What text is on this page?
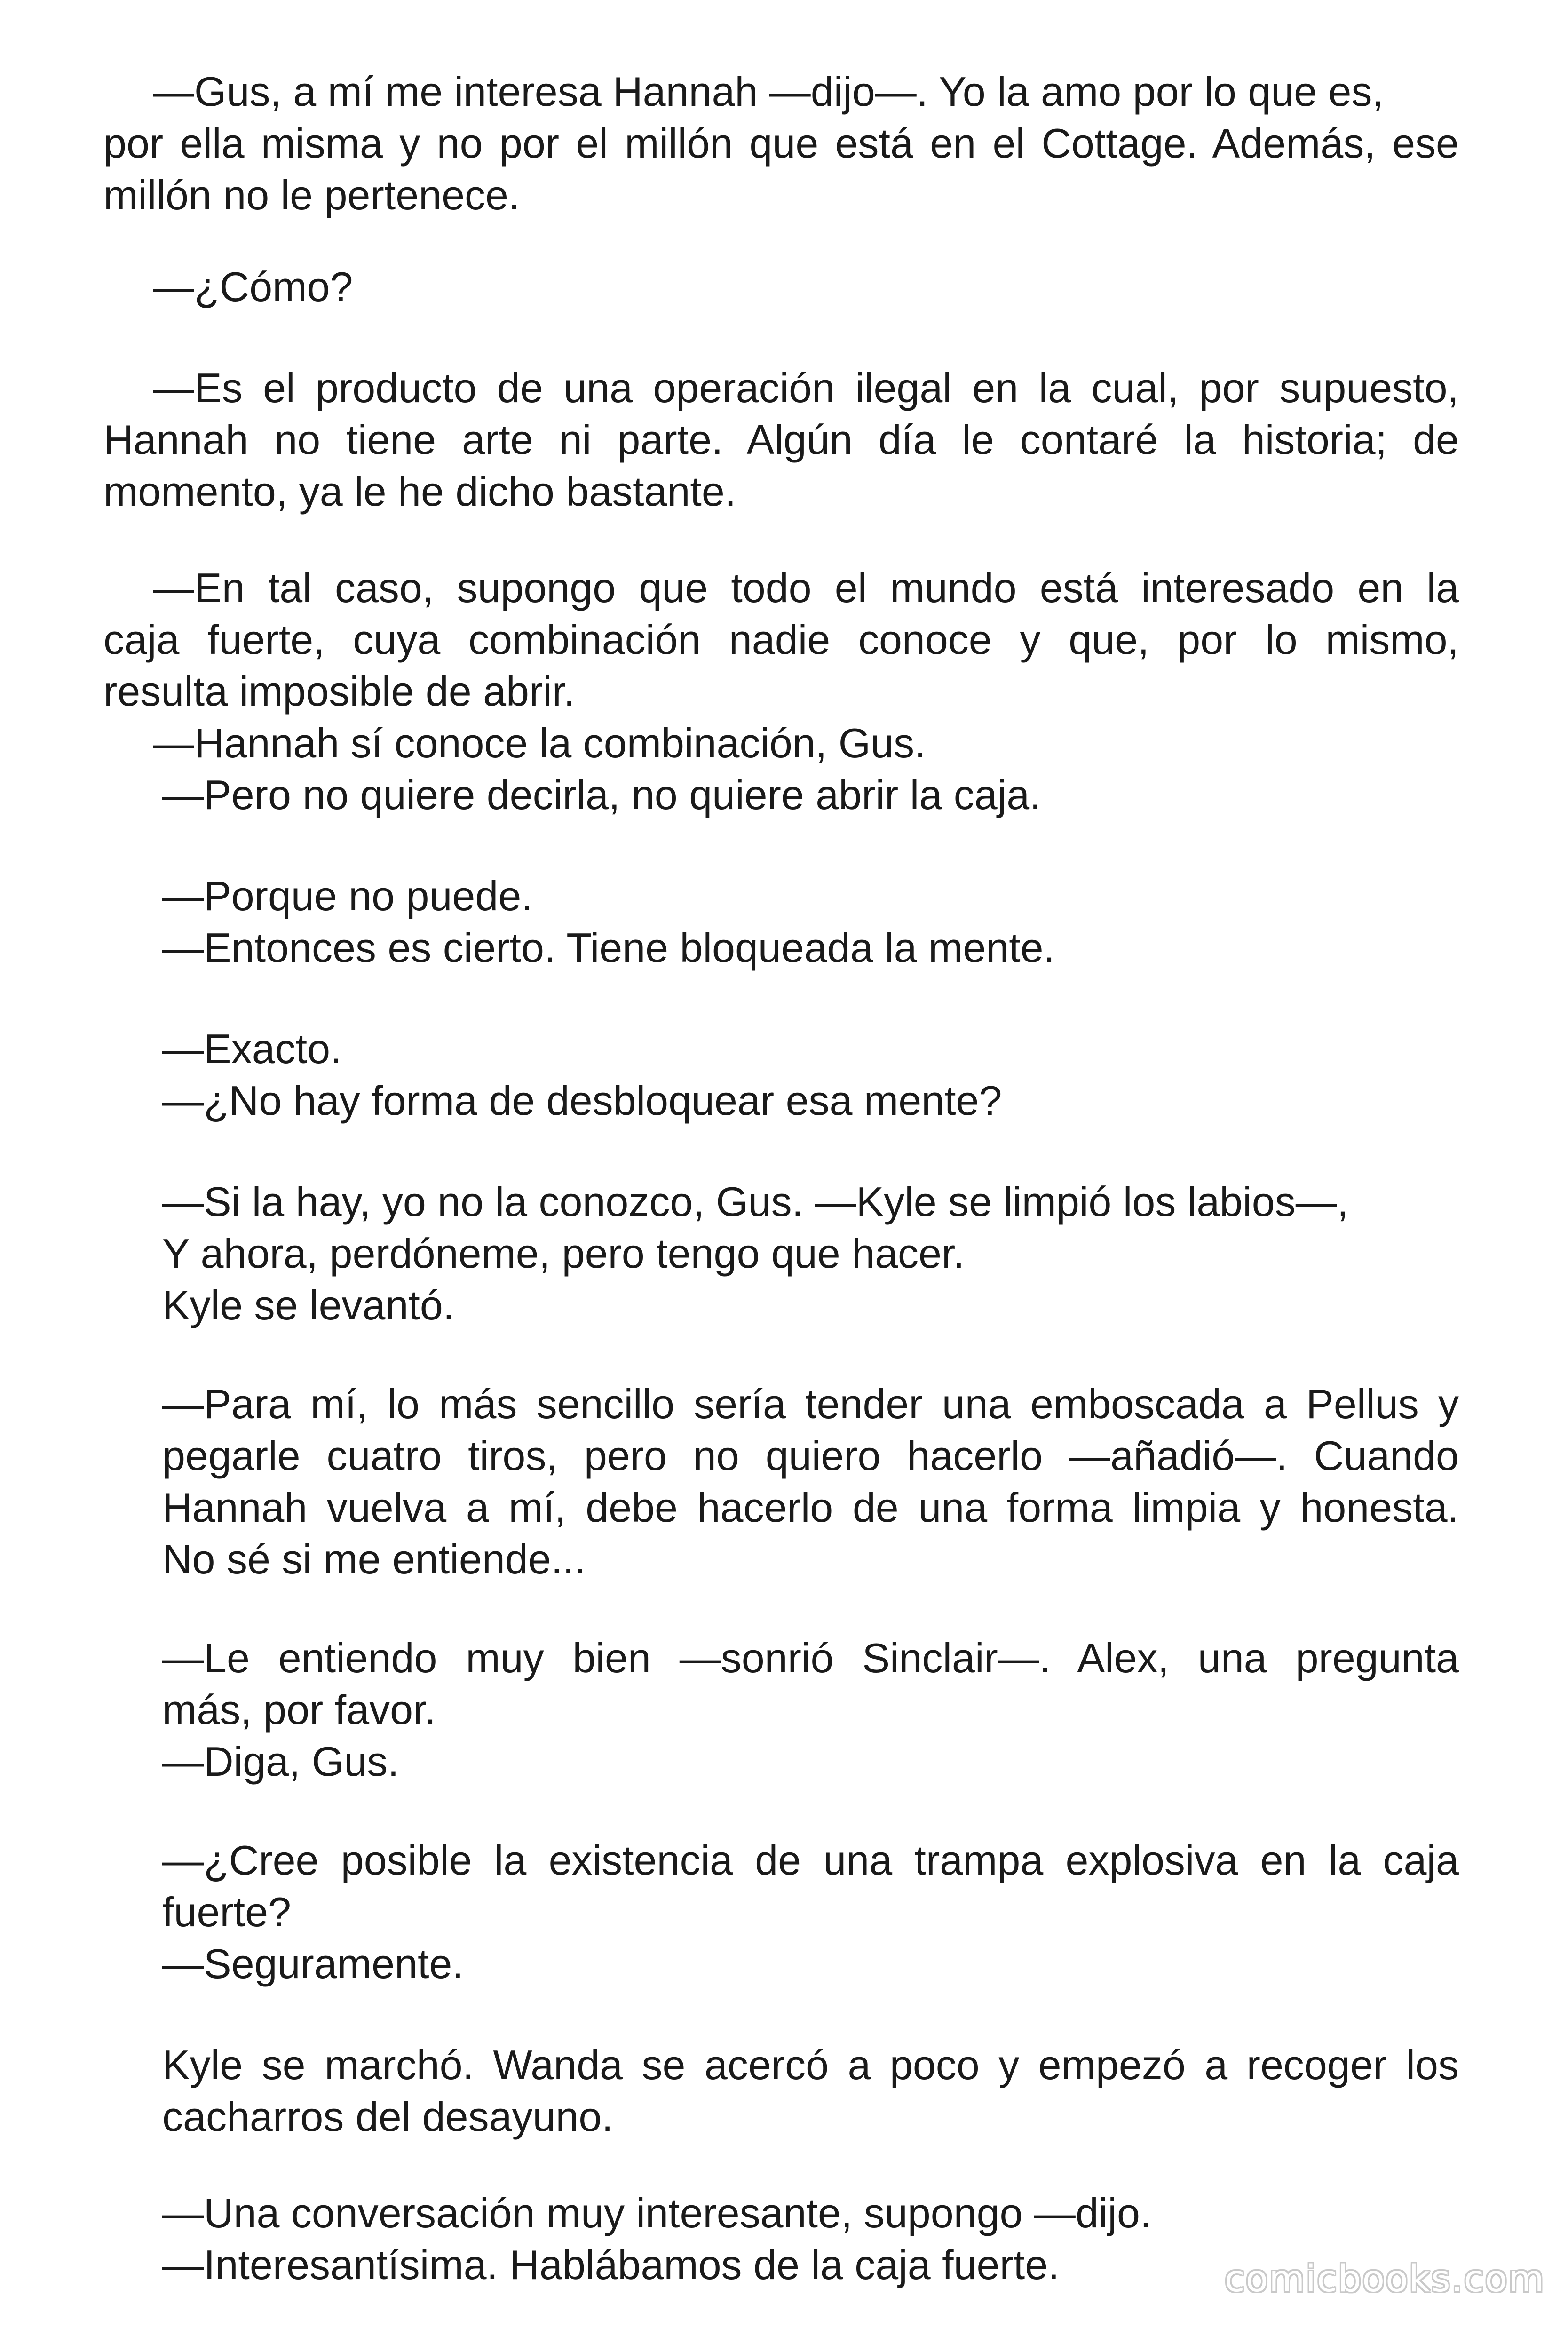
—Gus, a mí me interesa Hannah —dijo—. Yo la amo por lo que es,
por ella misma y no por el millón que está en el Cottage. Además, ese
millón no le pertenece.
—¿Cómo?
—Es el producto de una operación ilegal en la cual, por supuesto,
Hannah no tiene arte ni parte. Algún día le contaré la historia; de
momento, ya le he dicho bastante.
—En tal caso, supongo que todo el mundo está interesado en la
caja fuerte, cuya combinación nadie conoce y que, por lo mismo,
resulta imposible de abrir.
—Hannah sí conoce la combinación, Gus.
—Pero no quiere decirla, no quiere abrir la caja.
—Porque no puede.
—Entonces es cierto. Tiene bloqueada la mente.
—Exacto.
—¿No hay forma de desbloquear esa mente?
—Si la hay, yo no la conozco, Gus. —Kyle se limpió los labios—,
Y ahora, perdóneme, pero tengo que hacer.
Kyle se levantó.
—Para mí, lo más sencillo sería tender una emboscada a Pellus y
pegarle cuatro tiros, pero no quiero hacerlo —añadió—. Cuando
Hannah vuelva a mí, debe hacerlo de una forma limpia y honesta.
No sé si me entiende...
—Le entiendo muy bien —sonrió Sinclair—. Alex, una pregunta
más, por favor.
—Diga, Gus.
—¿Cree posible la existencia de una trampa explosiva en la caja
fuerte?
—Seguramente.
Kyle se marchó. Wanda se acercó a poco y empezó a recoger los
cacharros del desayuno.
—Una conversación muy interesante, supongo —dijo.
—Interesantísima. Hablábamos de la caja fuerte.	comicbooks.com
